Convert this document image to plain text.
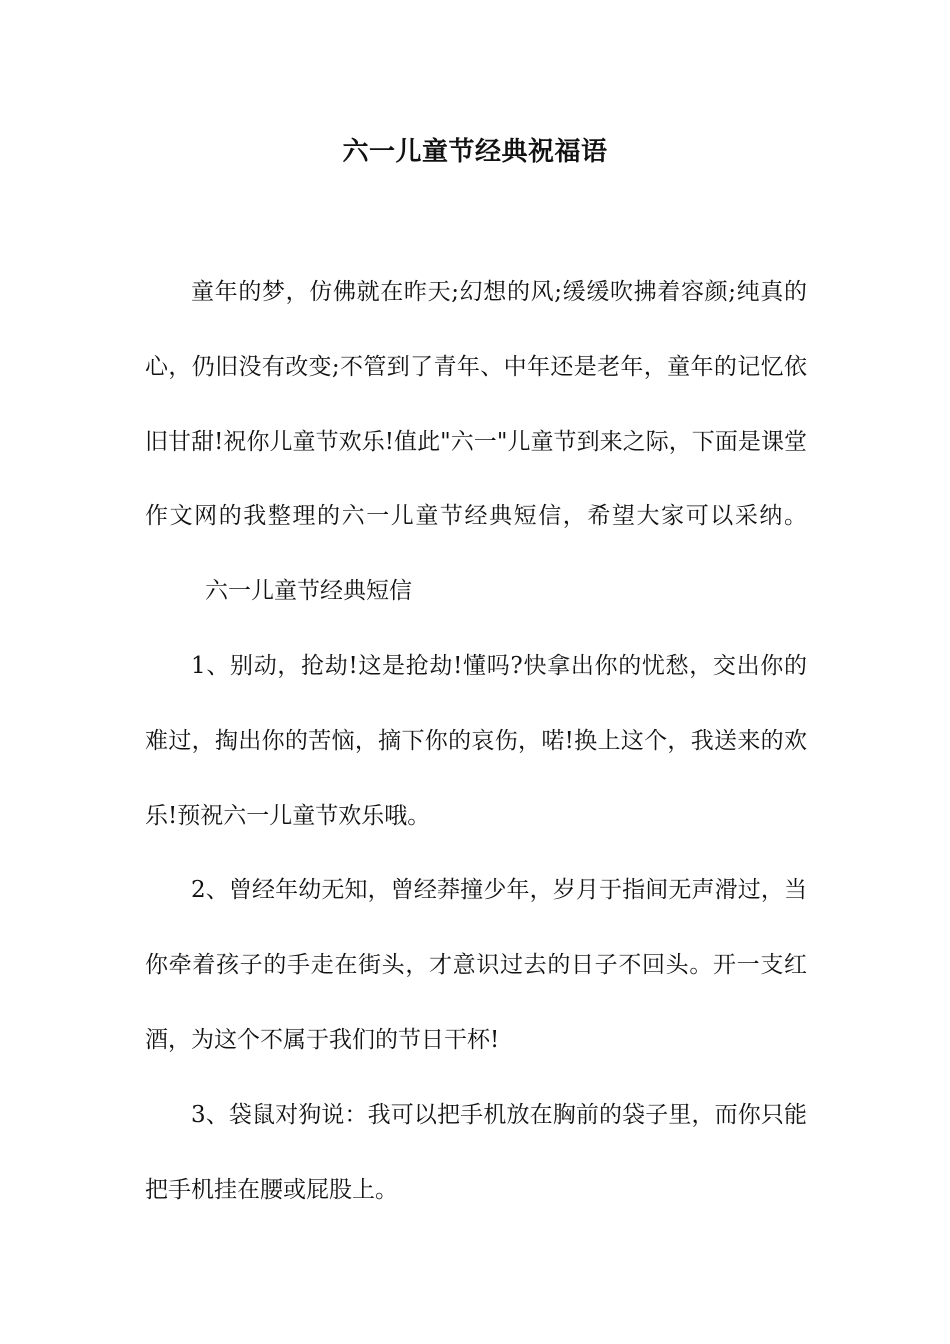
六一儿童节经典祝福语

童年的梦，仿佛就在昨天;幻想的风;缓缓吹拂着容颜;纯真的心，仍旧没有改变;不管到了青年、中年还是老年，童年的记忆依旧甘甜!祝你儿童节欢乐!值此"六一"儿童节到来之际，下面是课堂作文网的我整理的六一儿童节经典短信，希望大家可以采纳。六一儿童节经典短信

1、别动，抢劫!这是抢劫!懂吗?快拿出你的忧愁，交出你的难过，掏出你的苦恼，摘下你的哀伤，喏!换上这个，我送来的欢乐!预祝六一儿童节欢乐哦。

2、曾经年幼无知，曾经莽撞少年，岁月于指间无声滑过，当你牵着孩子的手走在街头，才意识过去的日子不回头。开一支红酒，为这个不属于我们的节日干杯!

3、袋鼠对狗说：我可以把手机放在胸前的袋子里，而你只能把手机挂在腰或屁股上。
